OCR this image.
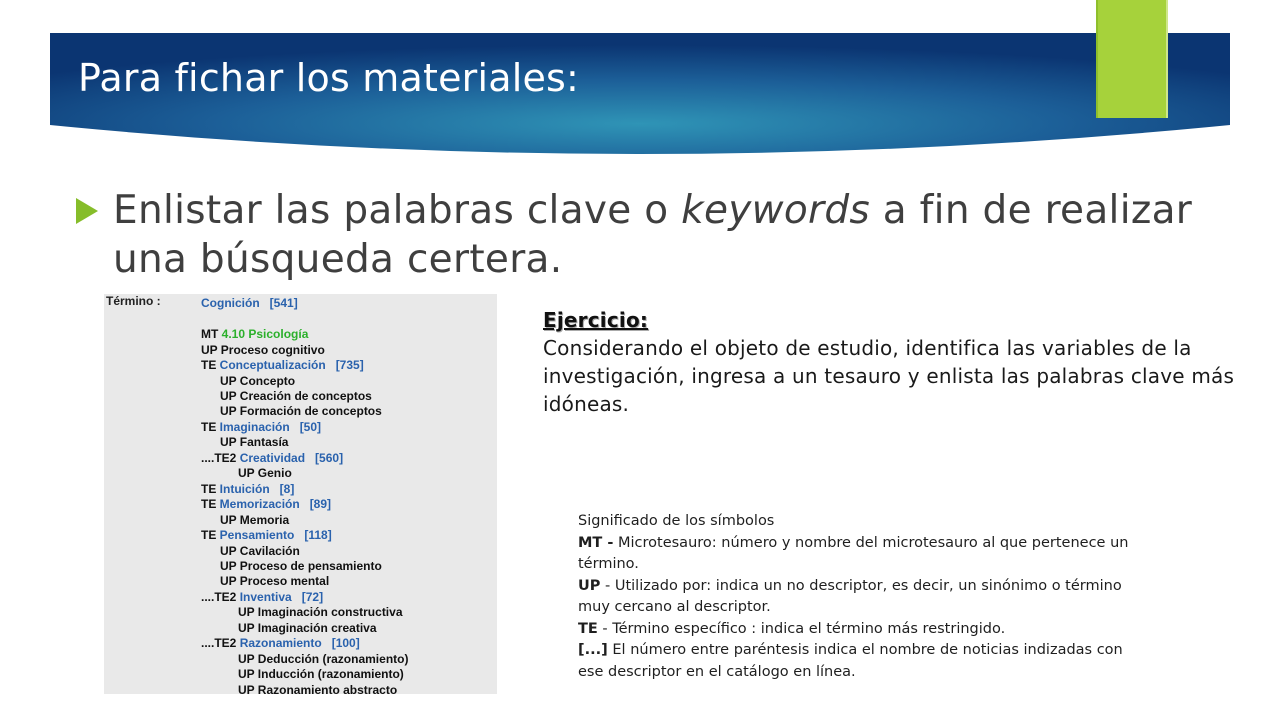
Para fichar los materiales:
Enlistar las palabras clave o keywords a fin de realizar una búsqueda certera.
Término :	Cognición [541]
MT 4.10 Psicología
UP Proceso cognitivo
TE Conceptualización [735]
UP Concepto
UP Creación de conceptos
UP Formación de conceptos
TE Imaginación [50]
UP Fantasía
....TE2 Creatividad [560]
UP Genio
TE Intuición [8]
TE Memorización [89]
UP Memoria
TE Pensamiento [118]
UP Cavilación
UP Proceso de pensamiento
UP Proceso mental
....TE2 Inventiva [72]
UP Imaginación constructiva
UP Imaginación creativa
....TE2 Razonamiento [100]
UP Deducción (razonamiento)
UP Inducción (razonamiento)
UP Razonamiento abstracto
Ejercicio:
Considerando el objeto de estudio, identifica las variables de la investigación, ingresa a un tesauro y enlista las palabras clave más idóneas.
Significado de los símbolos
MT - Microtesauro: número y nombre del microtesauro al que pertenece un término.
UP - Utilizado por: indica un no descriptor, es decir, un sinónimo o término muy cercano al descriptor.
TE - Término específico : indica el término más restringido.
[...] El número entre paréntesis indica el nombre de noticias indizadas con ese descriptor en el catálogo en línea.
